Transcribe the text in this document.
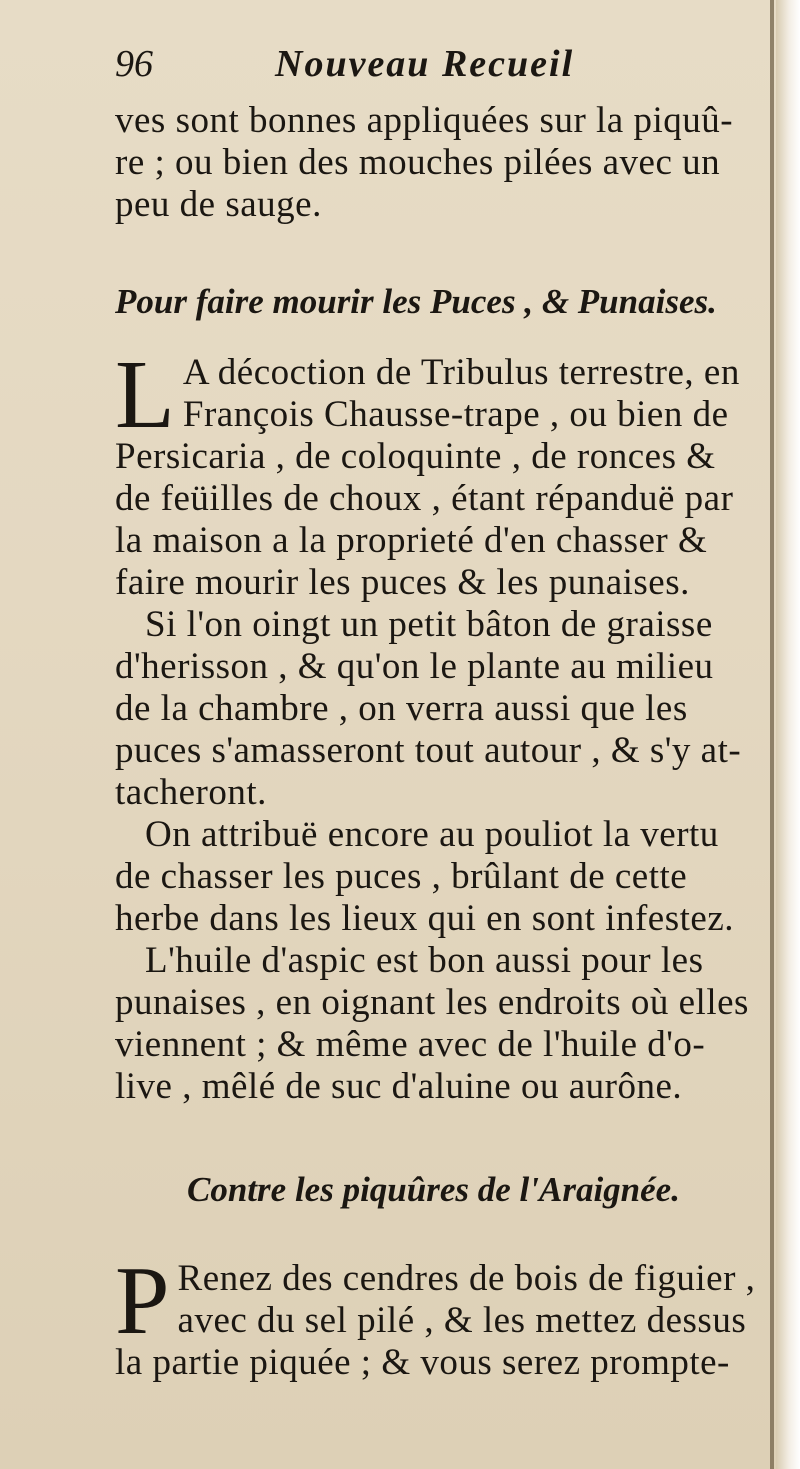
96	Nouveau Recueil
ves sont bonnes appliquées sur la piquû-
re ; ou bien des mouches pilées avec un
peu de sauge.
Pour faire mourir les Puces , & Punaises.
L A décoction de Tribulus terrestre, en
François Chausse-trape , ou bien de
Persicaria , de coloquinte , de ronces &
de feüilles de choux , étant répanduë par
la maison a la proprieté d'en chasser &
faire mourir les puces & les punaises.
Si l'on oingt un petit bâton de graisse
d'herisson , & qu'on le plante au milieu
de la chambre , on verra aussi que les
puces s'amasseront tout autour , & s'y at-
tacheront.
On attribuë encore au pouliot la vertu
de chasser les puces , brûlant de cette
herbe dans les lieux qui en sont infestez.
L'huile d'aspic est bon aussi pour les
punaises , en oignant les endroits où elles
viennent ; & même avec de l'huile d'o-
live , mêlé de suc d'aluine ou aurône.
Contre les piquûres de l'Araignée.
P Renez des cendres de bois de figuier ,
avec du sel pilé , & les mettez dessus
la partie piquée ; & vous serez prompte-
